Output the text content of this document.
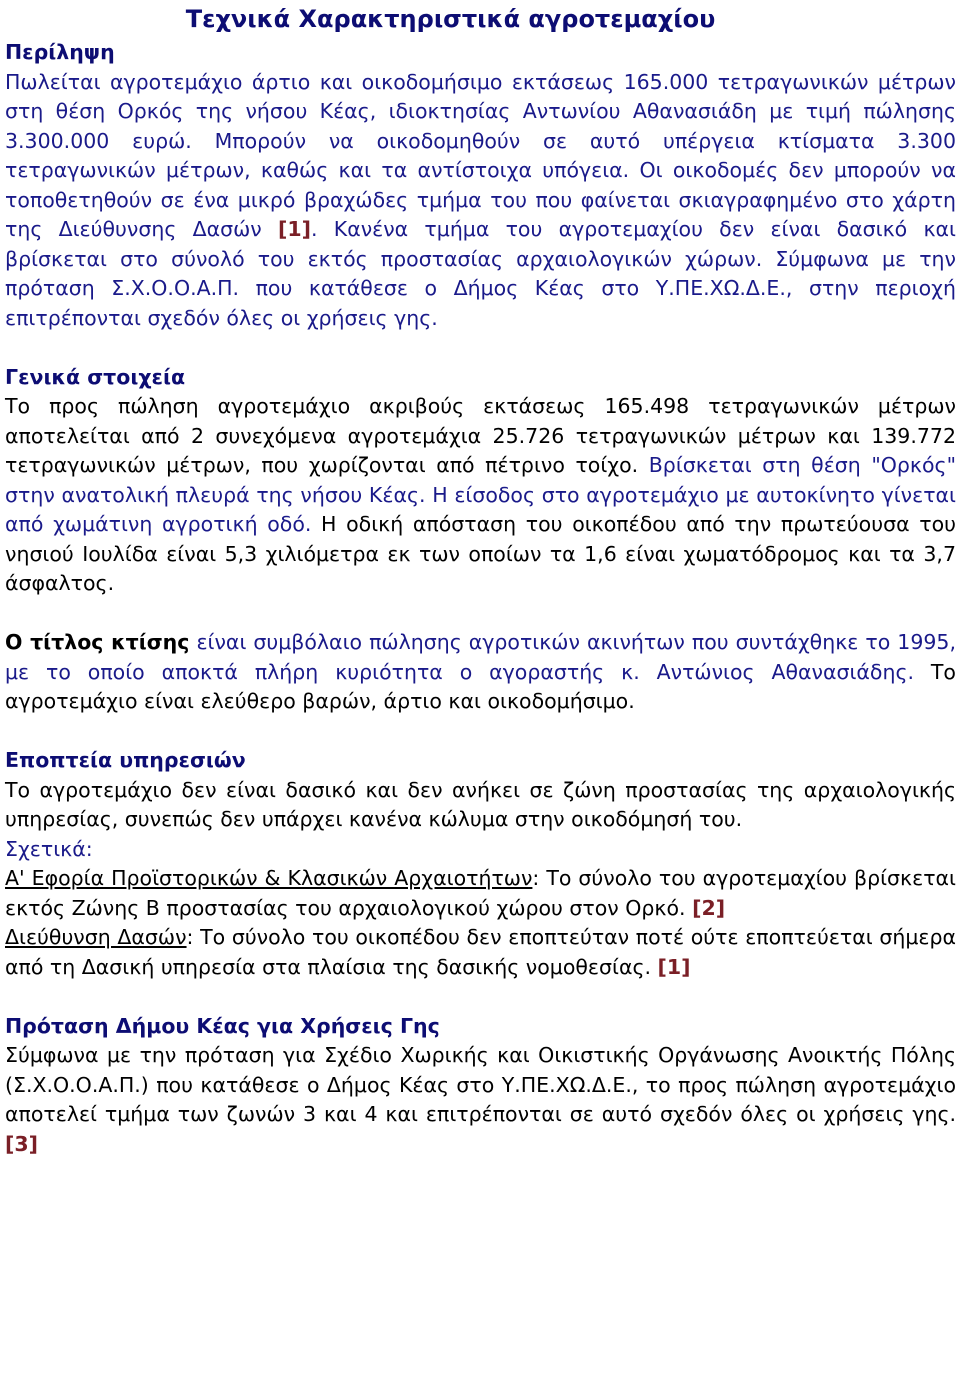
Τεχνικά Χαρακτηριστικά αγροτεμαχίου
Περίληψη

Πωλείται αγροτεμάχιο άρτιο και οικοδομήσιμο εκτάσεως 165.000 τετραγωνικών μέτρων στη θέση Ορκός της νήσου Κέας, ιδιοκτησίας Αντωνίου Αθανασιάδη με τιμή πώλησης 3.300.000 ευρώ. Μπορούν να οικοδομηθούν σε αυτό υπέργεια κτίσματα 3.300 τετραγωνικών μέτρων, καθώς και τα αντίστοιχα υπόγεια. Οι οικοδομές δεν μπορούν να τοποθετηθούν σε ένα μικρό βραχώδες τμήμα του που φαίνεται σκιαγραφημένο στο χάρτη της Διεύθυνσης Δασών [1]. Κανένα τμήμα του αγροτεμαχίου δεν είναι δασικό και βρίσκεται στο σύνολό του εκτός προστασίας αρχαιολογικών χώρων. Σύμφωνα με την πρόταση Σ.Χ.Ο.Ο.Α.Π. που κατάθεσε ο Δήμος Κέας στο Υ.ΠΕ.ΧΩ.Δ.Ε., στην περιοχή επιτρέπονται σχεδόν όλες οι χρήσεις γης.

Γενικά στοιχεία

Το προς πώληση αγροτεμάχιο ακριβούς εκτάσεως 165.498 τετραγωνικών μέτρων αποτελείται από 2 συνεχόμενα αγροτεμάχια 25.726 τετραγωνικών μέτρων και 139.772 τετραγωνικών μέτρων, που χωρίζονται από πέτρινο τοίχο. Βρίσκεται στη θέση "Ορκός" στην ανατολική πλευρά της νήσου Κέας. Η είσοδος στο αγροτεμάχιο με αυτοκίνητο γίνεται από χωμάτινη αγροτική οδό. Η οδική απόσταση του οικοπέδου από την πρωτεύουσα του νησιού Ιουλίδα είναι 5,3 χιλιόμετρα εκ των οποίων τα 1,6 είναι χωματόδρομος και τα 3,7 άσφαλτος.

Ο τίτλος κτίσης είναι συμβόλαιο πώλησης αγροτικών ακινήτων που συντάχθηκε το 1995, με το οποίο αποκτά πλήρη κυριότητα ο αγοραστής κ. Αντώνιος Αθανασιάδης. Το αγροτεμάχιο είναι ελεύθερο βαρών, άρτιο και οικοδομήσιμο.

Εποπτεία υπηρεσιών

Το αγροτεμάχιο δεν είναι δασικό και δεν ανήκει σε ζώνη προστασίας της αρχαιολογικής υπηρεσίας, συνεπώς δεν υπάρχει κανένα κώλυμα στην οικοδόμησή του.

Σχετικά:

Α' Εφορία Προϊστορικών & Κλασικών Αρχαιοτήτων: Το σύνολο του αγροτεμαχίου βρίσκεται εκτός Ζώνης Β προστασίας του αρχαιολογικού χώρου στον Ορκό. [2]

Διεύθυνση Δασών: Το σύνολο του οικοπέδου δεν εποπτεύταν ποτέ ούτε εποπτεύεται σήμερα από τη Δασική υπηρεσία στα πλαίσια της δασικής νομοθεσίας. [1]

Πρόταση Δήμου Κέας για Χρήσεις Γης

Σύμφωνα με την πρόταση για Σχέδιο Χωρικής και Οικιστικής Οργάνωσης Ανοικτής Πόλης (Σ.Χ.Ο.Ο.Α.Π.) που κατάθεσε ο Δήμος Κέας στο Υ.ΠΕ.ΧΩ.Δ.Ε., το προς πώληση αγροτεμάχιο αποτελεί τμήμα των ζωνών 3 και 4 και επιτρέπονται σε αυτό σχεδόν όλες οι χρήσεις γης. [3]
